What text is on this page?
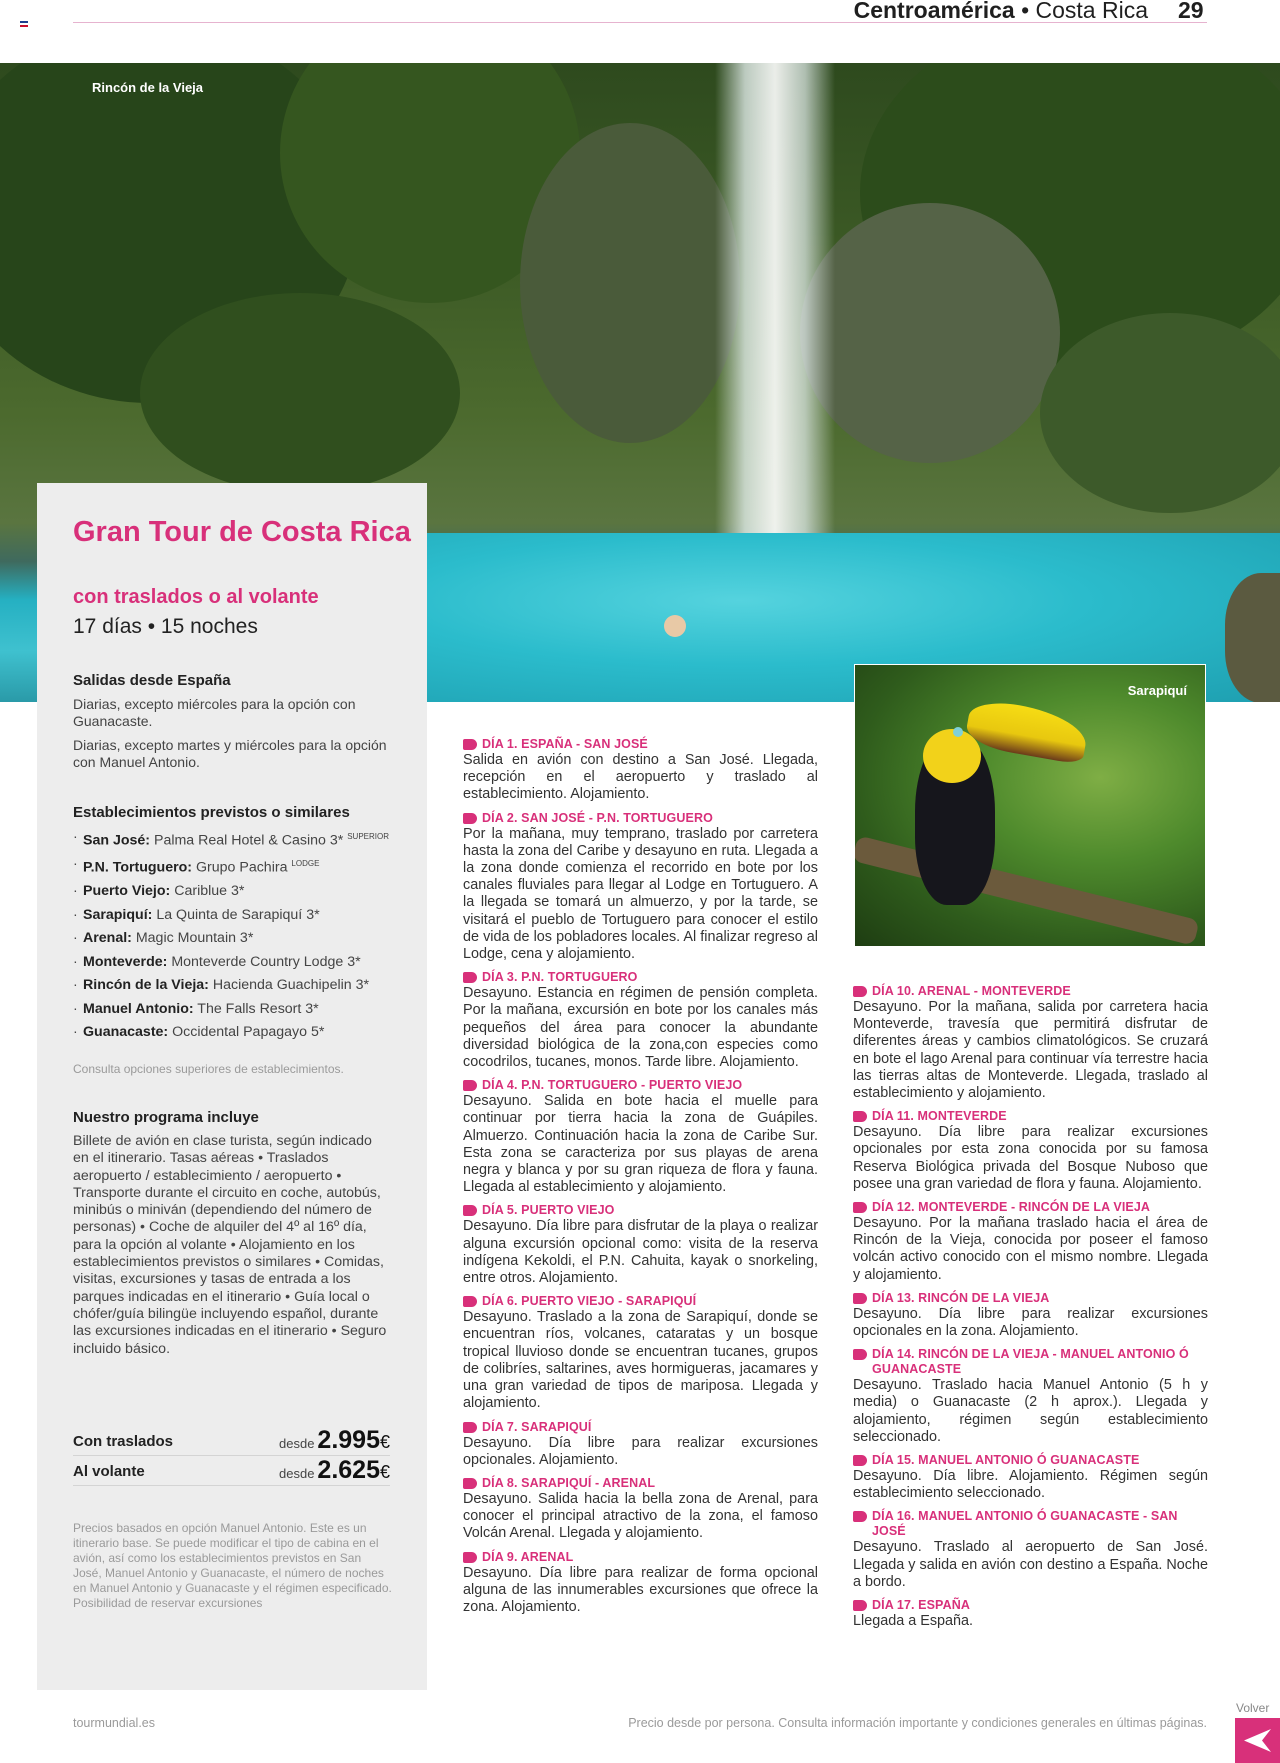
Centroamérica • Costa Rica 29
Rincón de la Vieja
Gran Tour de Costa Rica
con traslados o al volante
17 días • 15 noches
Salidas desde España
Diarias, excepto miércoles para la opción con Guanacaste.
Diarias, excepto martes y miércoles para la opción con Manuel Antonio.
Establecimientos previstos o similares
· San José: Palma Real Hotel & Casino 3* $^{SUPERIOR}$
· P.N. Tortuguero: Grupo Pachira $^{LODGE}$
· Puerto Viejo: Cariblue 3*
· Sarapiquí: La Quinta de Sarapiquí 3*
· Arenal: Magic Mountain 3*
· Monteverde: Monteverde Country Lodge 3*
· Rincón de la Vieja: Hacienda Guachipelin 3*
· Manuel Antonio: The Falls Resort 3*
· Guanacaste: Occidental Papagayo 5*
Consulta opciones superiores de establecimientos.
Nuestro programa incluye
Billete de avión en clase turista, según indicado en el itinerario. Tasas aéreas • Traslados aeropuerto / establecimiento / aeropuerto • Transporte durante el circuito en coche, autobús, minibús o miniván (dependiendo del número de personas) • Coche de alquiler del 4º al 16º día, para la opción al volante • Alojamiento en los establecimientos previstos o similares • Comidas, visitas, excursiones y tasas de entrada a los parques indicadas en el itinerario • Guía local o chófer/guía bilingüe incluyendo español, durante las excursiones indicadas en el itinerario • Seguro incluido básico.
Con traslados	desde 2.995€
Al volante	desde 2.625€
Precios basados en opción Manuel Antonio. Este es un itinerario base. Se puede modificar el tipo de cabina en el avión, así como los establecimientos previstos en San José, Manuel Antonio y Guanacaste, el número de noches en Manuel Antonio y Guanacaste y el régimen especificado. Posibilidad de reservar excursiones
Sarapiquí
DÍA 1. ESPAÑA - SAN JOSÉ
Salida en avión con destino a San José. Llegada, recepción en el aeropuerto y traslado al establecimiento. Alojamiento.
DÍA 2. SAN JOSÉ - P.N. TORTUGUERO
Por la mañana, muy temprano, traslado por carretera hasta la zona del Caribe y desayuno en ruta. Llegada a la zona donde comienza el recorrido en bote por los canales fluviales para llegar al Lodge en Tortuguero. A la llegada se tomará un almuerzo, y por la tarde, se visitará el pueblo de Tortuguero para conocer el estilo de vida de los pobladores locales. Al finalizar regreso al Lodge, cena y alojamiento.
DÍA 3. P.N. TORTUGUERO
Desayuno. Estancia en régimen de pensión completa. Por la mañana, excursión en bote por los canales más pequeños del área para conocer la abundante diversidad biológica de la zona,con especies como cocodrilos, tucanes, monos. Tarde libre. Alojamiento.
DÍA 4. P.N. TORTUGUERO - PUERTO VIEJO
Desayuno. Salida en bote hacia el muelle para continuar por tierra hacia la zona de Guápiles. Almuerzo. Continuación hacia la zona de Caribe Sur. Esta zona se caracteriza por sus playas de arena negra y blanca y por su gran riqueza de flora y fauna. Llegada al establecimiento y alojamiento.
DÍA 5. PUERTO VIEJO
Desayuno. Día libre para disfrutar de la playa o realizar alguna excursión opcional como: visita de la reserva indígena Kekoldi, el P.N. Cahuita, kayak o snorkeling, entre otros. Alojamiento.
DÍA 6. PUERTO VIEJO - SARAPIQUÍ
Desayuno. Traslado a la zona de Sarapiquí, donde se encuentran ríos, volcanes, cataratas y un bosque tropical lluvioso donde se encuentran tucanes, grupos de colibríes, saltarines, aves hormigueras, jacamares y una gran variedad de tipos de mariposa. Llegada y alojamiento.
DÍA 7. SARAPIQUÍ
Desayuno. Día libre para realizar excursiones opcionales. Alojamiento.
DÍA 8. SARAPIQUÍ - ARENAL
Desayuno. Salida hacia la bella zona de Arenal, para conocer el principal atractivo de la zona, el famoso Volcán Arenal. Llegada y alojamiento.
DÍA 9. ARENAL
Desayuno. Día libre para realizar de forma opcional alguna de las innumerables excursiones que ofrece la zona. Alojamiento.
DÍA 10. ARENAL - MONTEVERDE
Desayuno. Por la mañana, salida por carretera hacia Monteverde, travesía que permitirá disfrutar de diferentes áreas y cambios climatológicos. Se cruzará en bote el lago Arenal para continuar vía terrestre hacia las tierras altas de Monteverde. Llegada, traslado al establecimiento y alojamiento.
DÍA 11. MONTEVERDE
Desayuno. Día libre para realizar excursiones opcionales por esta zona conocida por su famosa Reserva Biológica privada del Bosque Nuboso que posee una gran variedad de flora y fauna. Alojamiento.
DÍA 12. MONTEVERDE - RINCÓN DE LA VIEJA
Desayuno. Por la mañana traslado hacia el área de Rincón de la Vieja, conocida por poseer el famoso volcán activo conocido con el mismo nombre. Llegada y alojamiento.
DÍA 13. RINCÓN DE LA VIEJA
Desayuno. Día libre para realizar excursiones opcionales en la zona. Alojamiento.
DÍA 14. RINCÓN DE LA VIEJA - MANUEL ANTONIO Ó GUANACASTE
Desayuno. Traslado hacia Manuel Antonio (5 h y media) o Guanacaste (2 h aprox.). Llegada y alojamiento, régimen según establecimiento seleccionado.
DÍA 15. MANUEL ANTONIO Ó GUANACASTE
Desayuno. Día libre. Alojamiento. Régimen según establecimiento seleccionado.
DÍA 16. MANUEL ANTONIO Ó GUANACASTE - SAN JOSÉ
Desayuno. Traslado al aeropuerto de San José. Llegada y salida en avión con destino a España. Noche a bordo.
DÍA 17. ESPAÑA
Llegada a España.
tourmundial.es	Precio desde por persona. Consulta información importante y condiciones generales en últimas páginas.
Volver
